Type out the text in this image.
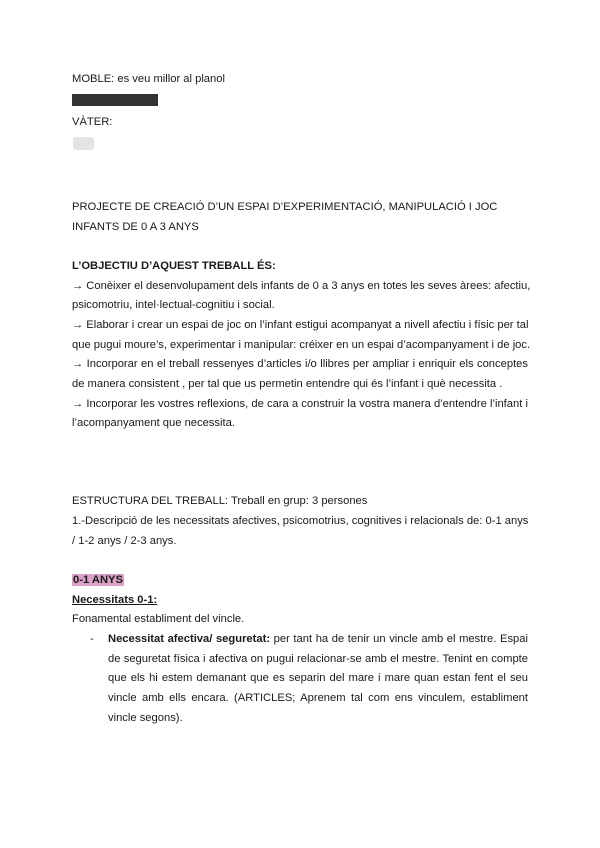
MOBLE: es veu millor al planol
VÀTER:
PROJECTE DE CREACIÓ D’UN ESPAI D’EXPERIMENTACIÓ, MANIPULACIÓ I JOC
INFANTS DE 0 A 3 ANYS
L’OBJECTIU D’AQUEST TREBALL ÉS:
→ Conèixer el desenvolupament dels infants de 0 a 3 anys en totes les seves àrees: afectiu,
psicomotriu, intel·lectual-cognitiu i social.
→ Elaborar i crear un espai de joc on l’infant estigui acompanyat a nivell afectiu i físic per tal
que pugui moure’s, experimentar i manipular: créixer en un espai d’acompanyament i de joc.
→ Incorporar en el treball ressenyes d’articles i/o llibres per ampliar i enriquir els conceptes
de manera consistent , per tal que us permetin entendre qui és l’infant i què necessita .
→ Incorporar les vostres reflexions, de cara a construir la vostra manera d’entendre l’infant i
l’acompanyament que necessita.
ESTRUCTURA DEL TREBALL: Treball en grup: 3 persones
1.-Descripció de les necessitats afectives, psicomotrius, cognitives i relacionals de: 0-1 anys
/ 1-2 anys / 2-3 anys.
0-1 ANYS
Necessitats 0-1:
Fonamental establiment del vincle.
- Necessitat afectiva/ seguretat: per tant ha de tenir un vincle amb el mestre. Espai
de seguretat física i afectiva on pugui relacionar-se amb el mestre. Tenint en compte
que els hi estem demanant que es separin del mare i mare quan estan fent el seu
vincle amb ells encara. (ARTICLES; Aprenem tal com ens vinculem, establiment
vincle segons).
